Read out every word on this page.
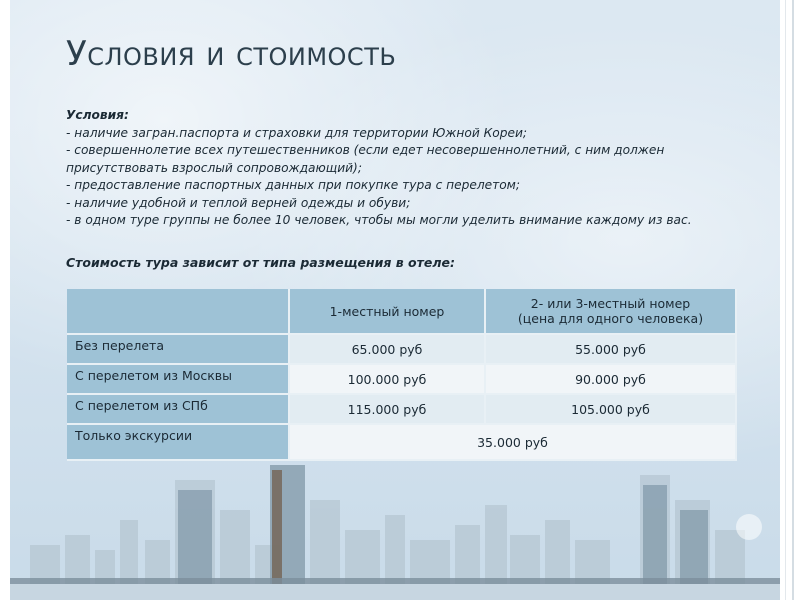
Условия и стоимость
Условия:
- наличие загран.паспорта и страховки для территории Южной Кореи;
- совершеннолетие всех путешественников (если едет несовершеннолетний, с ним должен
присутствовать взрослый сопровождающий);
- предоставление паспортных данных при покупке тура с перелетом;
- наличие удобной и теплой верней одежды и обуви;
- в одном туре группы не более 10 человек, чтобы мы могли уделить внимание каждому из вас.
Стоимость тура зависит от типа размещения в отеле:
	1-местный номер	2- или 3-местный номер
(цена для одного человека)

Без перелета	65.000 руб	55.000 руб
С перелетом из Москвы	100.000 руб	90.000 руб
С перелетом из СПб	115.000 руб	105.000 руб
Только экскурсии	35.000 руб	
